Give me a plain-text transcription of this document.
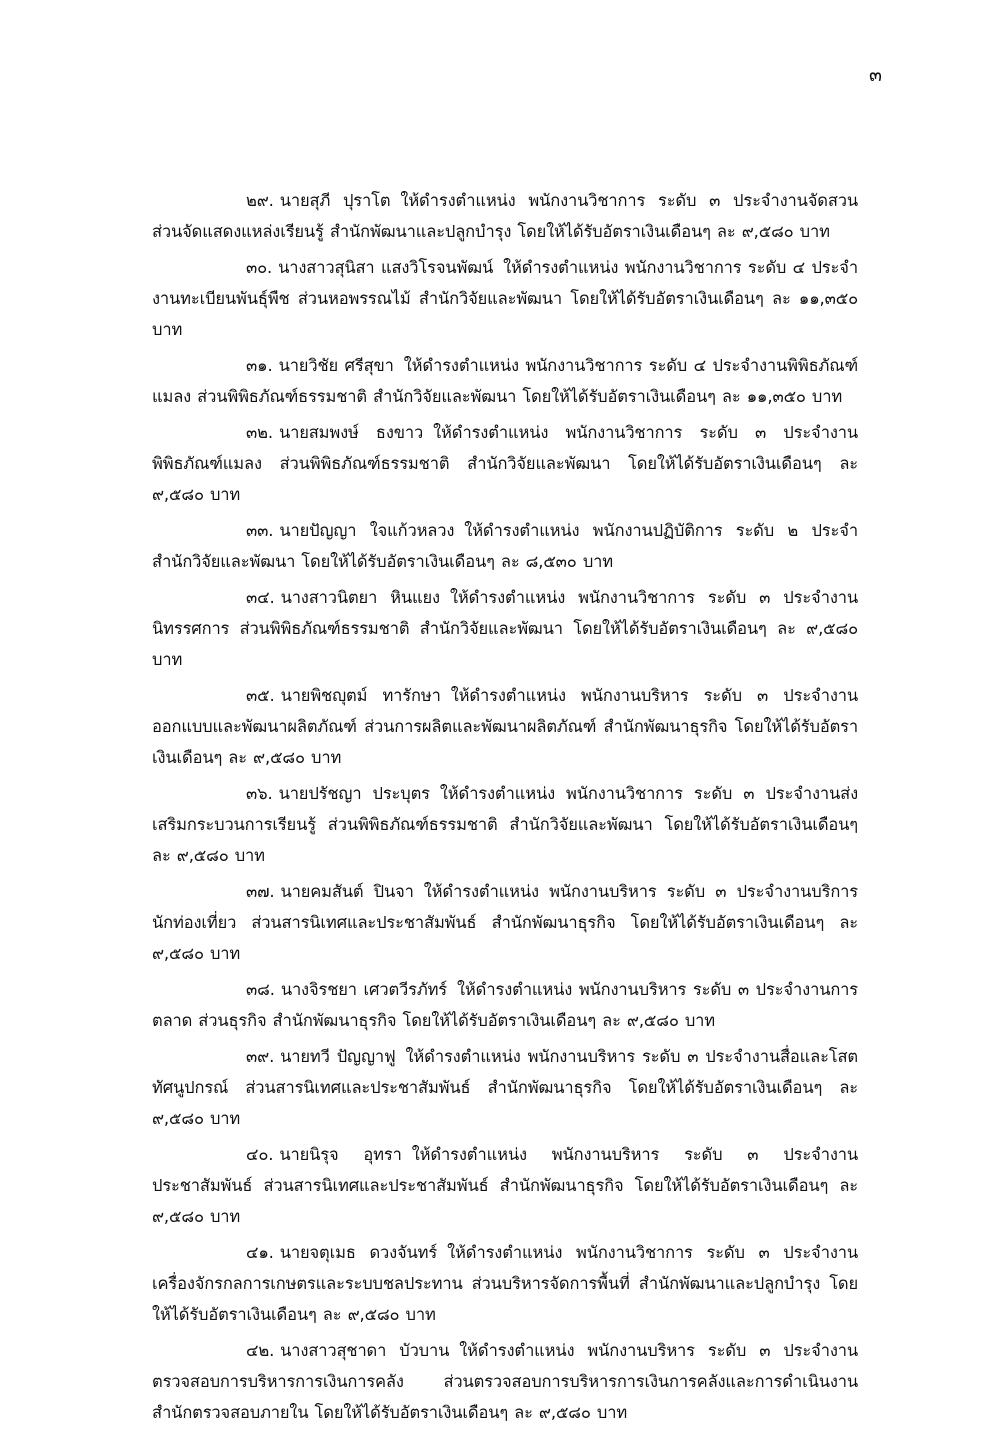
๓

๒๙. นายสุภี ปุราโต ให้ดำรงตำแหน่ง พนักงานวิชาการ ระดับ ๓ ประจำงานจัดสวน ส่วนจัดแสดงแหล่งเรียนรู้ สำนักพัฒนาและปลูกบำรุง โดยให้ได้รับอัตราเงินเดือนๆ ละ ๙,๕๘๐ บาท

๓๐. นางสาวสุนิสา แสงวิโรจนพัฒน์ ให้ดำรงตำแหน่ง พนักงานวิชาการ ระดับ ๔ ประจำงานทะเบียนพันธุ์พืช ส่วนหอพรรณไม้ สำนักวิจัยและพัฒนา โดยให้ได้รับอัตราเงินเดือนๆ ละ ๑๑,๓๕๐ บาท

๓๑. นายวิชัย ศรีสุขา ให้ดำรงตำแหน่ง พนักงานวิชาการ ระดับ ๔ ประจำงานพิพิธภัณฑ์แมลง ส่วนพิพิธภัณฑ์ธรรมชาติ สำนักวิจัยและพัฒนา โดยให้ได้รับอัตราเงินเดือนๆ ละ ๑๑,๓๕๐ บาท

๓๒. นายสมพงษ์ ธงขาว ให้ดำรงตำแหน่ง พนักงานวิชาการ ระดับ ๓ ประจำงานพิพิธภัณฑ์แมลง ส่วนพิพิธภัณฑ์ธรรมชาติ สำนักวิจัยและพัฒนา โดยให้ได้รับอัตราเงินเดือนๆ ละ ๙,๕๘๐ บาท

๓๓. นายปัญญา ใจแก้วหลวง ให้ดำรงตำแหน่ง พนักงานปฏิบัติการ ระดับ ๒ ประจำสำนักวิจัยและพัฒนา โดยให้ได้รับอัตราเงินเดือนๆ ละ ๘,๕๓๐ บาท

๓๔. นางสาวนิตยา หินแยง ให้ดำรงตำแหน่ง พนักงานวิชาการ ระดับ ๓ ประจำงานนิทรรศการ ส่วนพิพิธภัณฑ์ธรรมชาติ สำนักวิจัยและพัฒนา โดยให้ได้รับอัตราเงินเดือนๆ ละ ๙,๕๘๐ บาท

๓๕. นายพิชญุตม์ ทารักษา ให้ดำรงตำแหน่ง พนักงานบริหาร ระดับ ๓ ประจำงานออกแบบและพัฒนาผลิตภัณฑ์ ส่วนการผลิตและพัฒนาผลิตภัณฑ์ สำนักพัฒนาธุรกิจ โดยให้ได้รับอัตราเงินเดือนๆ ละ ๙,๕๘๐ บาท

๓๖. นายปรัชญา ประบุตร ให้ดำรงตำแหน่ง พนักงานวิชาการ ระดับ ๓ ประจำงานส่งเสริมกระบวนการเรียนรู้ ส่วนพิพิธภัณฑ์ธรรมชาติ สำนักวิจัยและพัฒนา โดยให้ได้รับอัตราเงินเดือนๆ ละ ๙,๕๘๐ บาท

๓๗. นายคมสันต์ ปินจา ให้ดำรงตำแหน่ง พนักงานบริหาร ระดับ ๓ ประจำงานบริการนักท่องเที่ยว ส่วนสารนิเทศและประชาสัมพันธ์ สำนักพัฒนาธุรกิจ โดยให้ได้รับอัตราเงินเดือนๆ ละ ๙,๕๘๐ บาท

๓๘. นางจิรชยา เศวตวีรภัทร์ ให้ดำรงตำแหน่ง พนักงานบริหาร ระดับ ๓ ประจำงานการตลาด ส่วนธุรกิจ สำนักพัฒนาธุรกิจ โดยให้ได้รับอัตราเงินเดือนๆ ละ ๙,๕๘๐ บาท

๓๙. นายทวี ปัญญาฟู ให้ดำรงตำแหน่ง พนักงานบริหาร ระดับ ๓ ประจำงานสื่อและโสตทัศนูปกรณ์ ส่วนสารนิเทศและประชาสัมพันธ์ สำนักพัฒนาธุรกิจ โดยให้ได้รับอัตราเงินเดือนๆ ละ ๙,๕๘๐ บาท

๔๐. นายนิรุจ อุทรา ให้ดำรงตำแหน่ง พนักงานบริหาร ระดับ ๓ ประจำงานประชาสัมพันธ์ ส่วนสารนิเทศและประชาสัมพันธ์ สำนักพัฒนาธุรกิจ โดยให้ได้รับอัตราเงินเดือนๆ ละ ๙,๕๘๐ บาท

๔๑. นายจตุเมธ ดวงจันทร์ ให้ดำรงตำแหน่ง พนักงานวิชาการ ระดับ ๓ ประจำงานเครื่องจักรกลการเกษตรและระบบชลประทาน ส่วนบริหารจัดการพื้นที่ สำนักพัฒนาและปลูกบำรุง โดยให้ได้รับอัตราเงินเดือนๆ ละ ๙,๕๘๐ บาท

๔๒. นางสาวสุชาดา บัวบาน ให้ดำรงตำแหน่ง พนักงานบริหาร ระดับ ๓ ประจำงานตรวจสอบการบริหารการเงินการคลัง ส่วนตรวจสอบการบริหารการเงินการคลังและการดำเนินงาน สำนักตรวจสอบภายใน โดยให้ได้รับอัตราเงินเดือนๆ ละ ๙,๕๘๐ บาท
